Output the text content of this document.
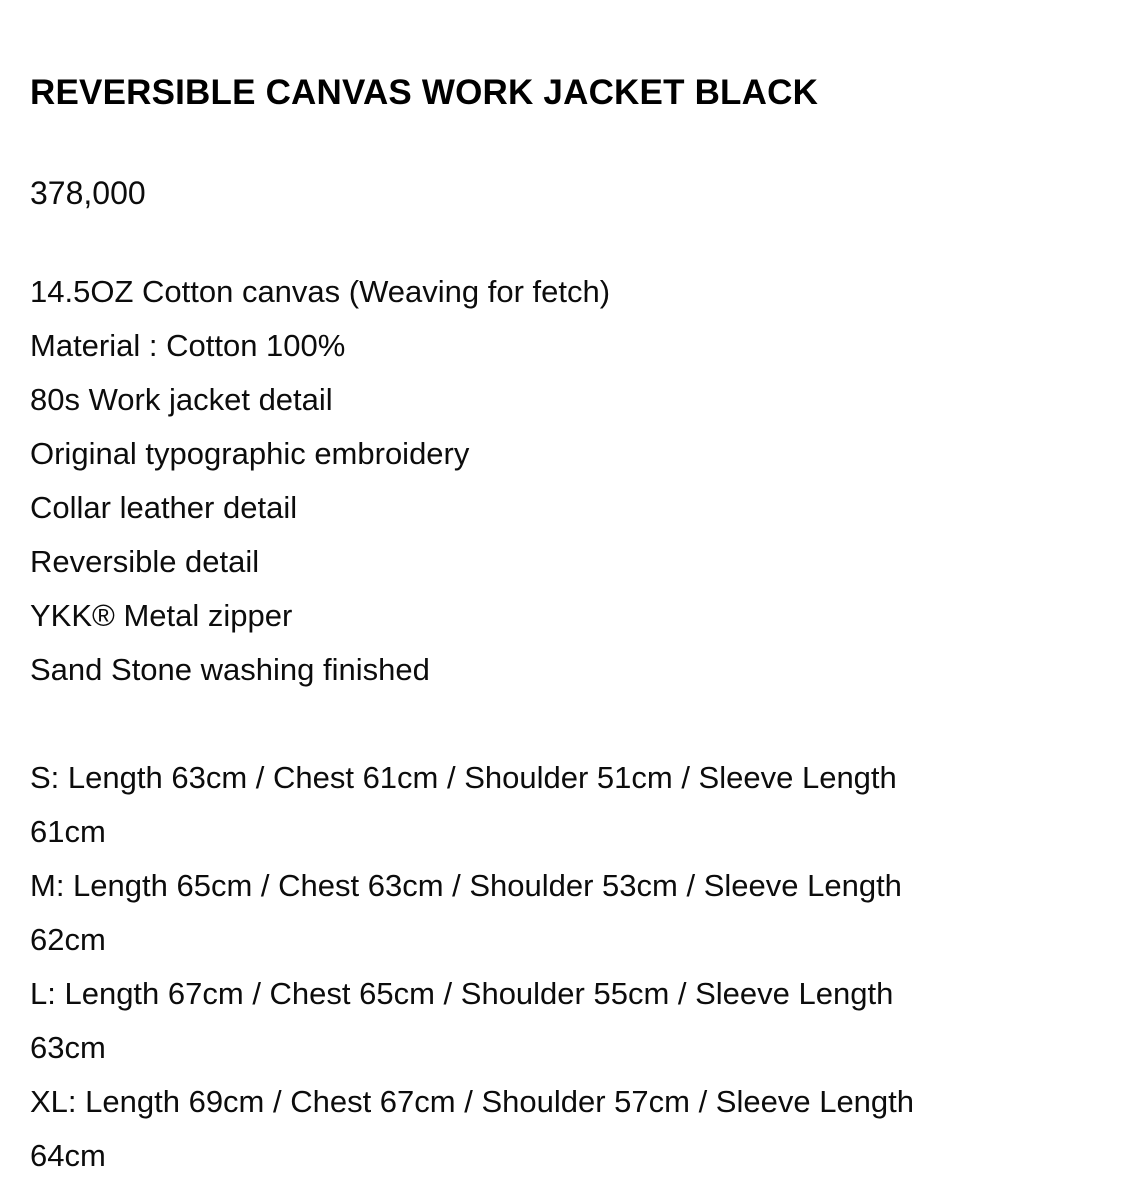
REVERSIBLE CANVAS WORK JACKET BLACK
378,000
14.5OZ Cotton canvas (Weaving for fetch)
Material : Cotton 100%
80s Work jacket detail
Original typographic embroidery
Collar leather detail
Reversible detail
YKK® Metal zipper
Sand Stone washing finished
S: Length 63cm / Chest 61cm / Shoulder 51cm / Sleeve Length
61cm
M: Length 65cm / Chest 63cm / Shoulder 53cm / Sleeve Length
62cm
L: Length 67cm / Chest 65cm / Shoulder 55cm / Sleeve Length
63cm
XL: Length 69cm / Chest 67cm / Shoulder 57cm / Sleeve Length
64cm
